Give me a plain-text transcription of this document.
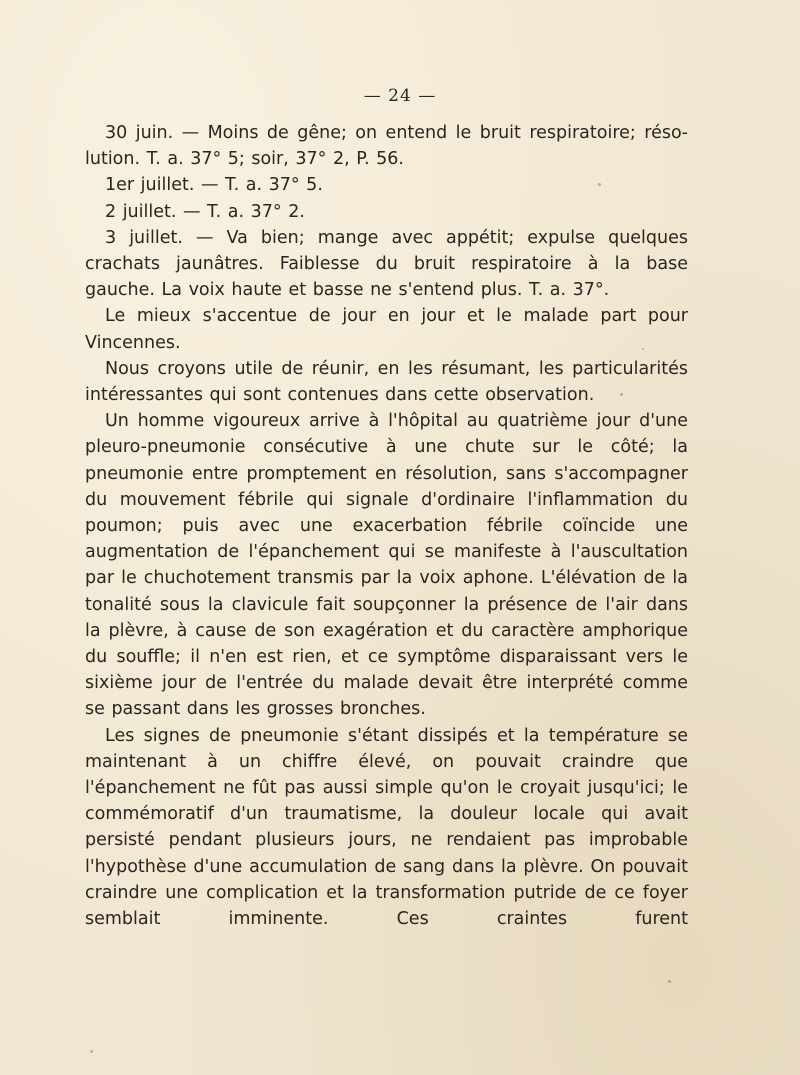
— 24 —

30 juin. — Moins de gêne; on entend le bruit respiratoire; résolution. T. a. 37° 5; soir, 37° 2, P. 56.

1er juillet. — T. a. 37° 5.

2 juillet. — T. a. 37° 2.

3 juillet. — Va bien; mange avec appétit; expulse quelques crachats jaunâtres. Faiblesse du bruit respiratoire à la base gauche. La voix haute et basse ne s'entend plus. T. a. 37°.

Le mieux s'accentue de jour en jour et le malade part pour Vincennes.

Nous croyons utile de réunir, en les résumant, les particularités intéressantes qui sont contenues dans cette observation.

Un homme vigoureux arrive à l'hôpital au quatrième jour d'une pleuro-pneumonie consécutive à une chute sur le côté; la pneumonie entre promptement en résolution, sans s'accompagner du mouvement fébrile qui signale d'ordinaire l'inflammation du poumon; puis avec une exacerbation fébrile coïncide une augmentation de l'épanchement qui se manifeste à l'auscultation par le chuchotement transmis par la voix aphone. L'élévation de la tonalité sous la clavicule fait soupçonner la présence de l'air dans la plèvre, à cause de son exagération et du caractère amphorique du souffle; il n'en est rien, et ce symptôme disparaissant vers le sixième jour de l'entrée du malade devait être interprété comme se passant dans les grosses bronches.

Les signes de pneumonie s'étant dissipés et la température se maintenant à un chiffre élevé, on pouvait craindre que l'épanchement ne fût pas aussi simple qu'on le croyait jusqu'ici; le commémoratif d'un traumatisme, la douleur locale qui avait persisté pendant plusieurs jours, ne rendaient pas improbable l'hypothèse d'une accumulation de sang dans la plèvre. On pouvait craindre une complication et la transformation putride de ce foyer semblait imminente. Ces craintes furent
